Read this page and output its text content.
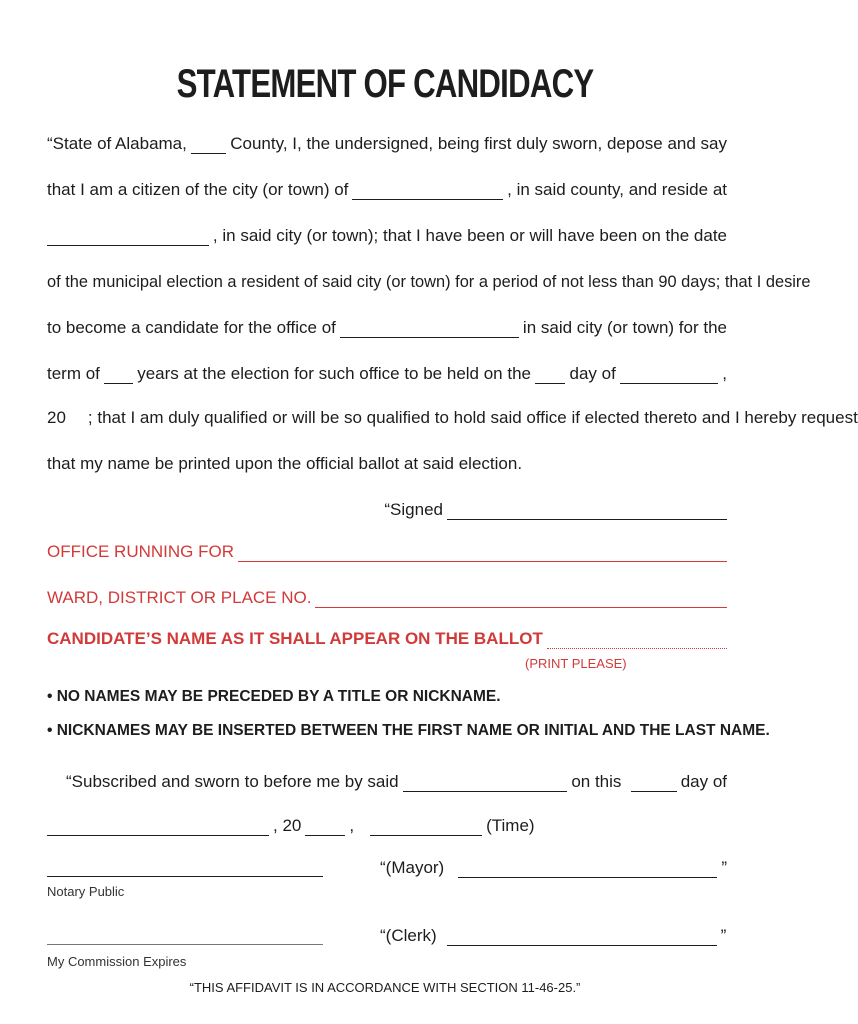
STATEMENT OF CANDIDACY
“State of Alabama,	County, I, the undersigned, being first duly sworn, depose and say
that I am a citizen of the city (or town) of	, in said county, and reside at
, in said city (or town); that I have been or will have been on the date
of the municipal election a resident of said city (or town) for a period of not less than 90 days; that I desire
to become a candidate for the office of	in said city (or town) for the
term of years at the election for such office to be held on the day of	,
20 ; that I am duly qualified or will be so qualified to hold said office if elected thereto and I hereby request
that my name be printed upon the official ballot at said election.
“Signed
OFFICE RUNNING FOR
WARD, DISTRICT OR PLACE NO.
CANDIDATE’S NAME AS IT SHALL APPEAR ON THE BALLOT
(PRINT PLEASE)
• NO NAMES MAY BE PRECEDED BY A TITLE OR NICKNAME.
• NICKNAMES MAY BE INSERTED BETWEEN THE FIRST NAME OR INITIAL AND THE LAST NAME.
“Subscribed and sworn to before me by said	on this	day of
, 20	,	(Time)
Notary Public
“(Mayor)	”
My Commission Expires
“(Clerk)	”
“THIS AFFIDAVIT IS IN ACCORDANCE WITH SECTION 11-46-25.”
